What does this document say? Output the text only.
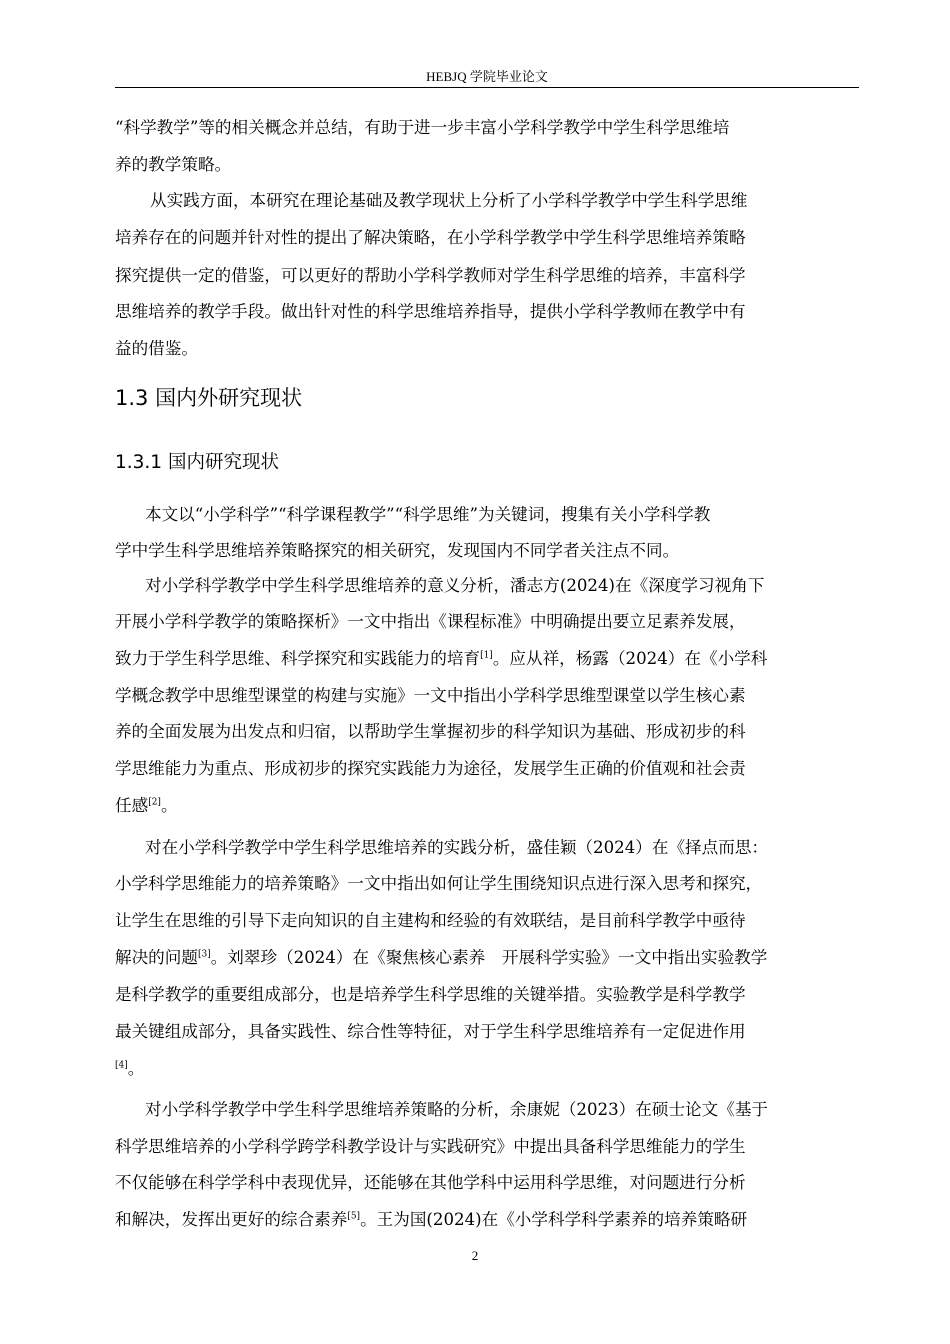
HEBJQ 学院毕业论文
“科学教学”等的相关概念并总结，有助于进一步丰富小学科学教学中学生科学思维培
养的教学策略。
从实践方面，本研究在理论基础及教学现状上分析了小学科学教学中学生科学思维
培养存在的问题并针对性的提出了解决策略，在小学科学教学中学生科学思维培养策略
探究提供一定的借鉴，可以更好的帮助小学科学教师对学生科学思维的培养，丰富科学
思维培养的教学手段。做出针对性的科学思维培养指导，提供小学科学教师在教学中有
益的借鉴。
1.3 国内外研究现状
1.3.1 国内研究现状
本文以“小学科学”“科学课程教学”“科学思维”为关键词，搜集有关小学科学教
学中学生科学思维培养策略探究的相关研究，发现国内不同学者关注点不同。
对小学科学教学中学生科学思维培养的意义分析，潘志方(2024)在《深度学习视角下
开展小学科学教学的策略探析》一文中指出《课程标准》中明确提出要立足素养发展，
致力于学生科学思维、科学探究和实践能力的培育[1]。应从祥，杨露（2024）在《小学科
学概念教学中思维型课堂的构建与实施》一文中指出小学科学思维型课堂以学生核心素
养的全面发展为出发点和归宿，以帮助学生掌握初步的科学知识为基础、形成初步的科
学思维能力为重点、形成初步的探究实践能力为途径，发展学生正确的价值观和社会责
任感[2]。
对在小学科学教学中学生科学思维培养的实践分析，盛佳颖（2024）在《择点而思：
小学科学思维能力的培养策略》一文中指出如何让学生围绕知识点进行深入思考和探究，
让学生在思维的引导下走向知识的自主建构和经验的有效联结，是目前科学教学中亟待
解决的问题[3]。刘翠珍（2024）在《聚焦核心素养　开展科学实验》一文中指出实验教学
是科学教学的重要组成部分，也是培养学生科学思维的关键举措。实验教学是科学教学
最关键组成部分，具备实践性、综合性等特征，对于学生科学思维培养有一定促进作用
[4]。
对小学科学教学中学生科学思维培养策略的分析，余康妮（2023）在硕士论文《基于
科学思维培养的小学科学跨学科教学设计与实践研究》中提出具备科学思维能力的学生
不仅能够在科学学科中表现优异，还能够在其他学科中运用科学思维，对问题进行分析
和解决，发挥出更好的综合素养[5]。王为国(2024)在《小学科学科学素养的培养策略研
2
